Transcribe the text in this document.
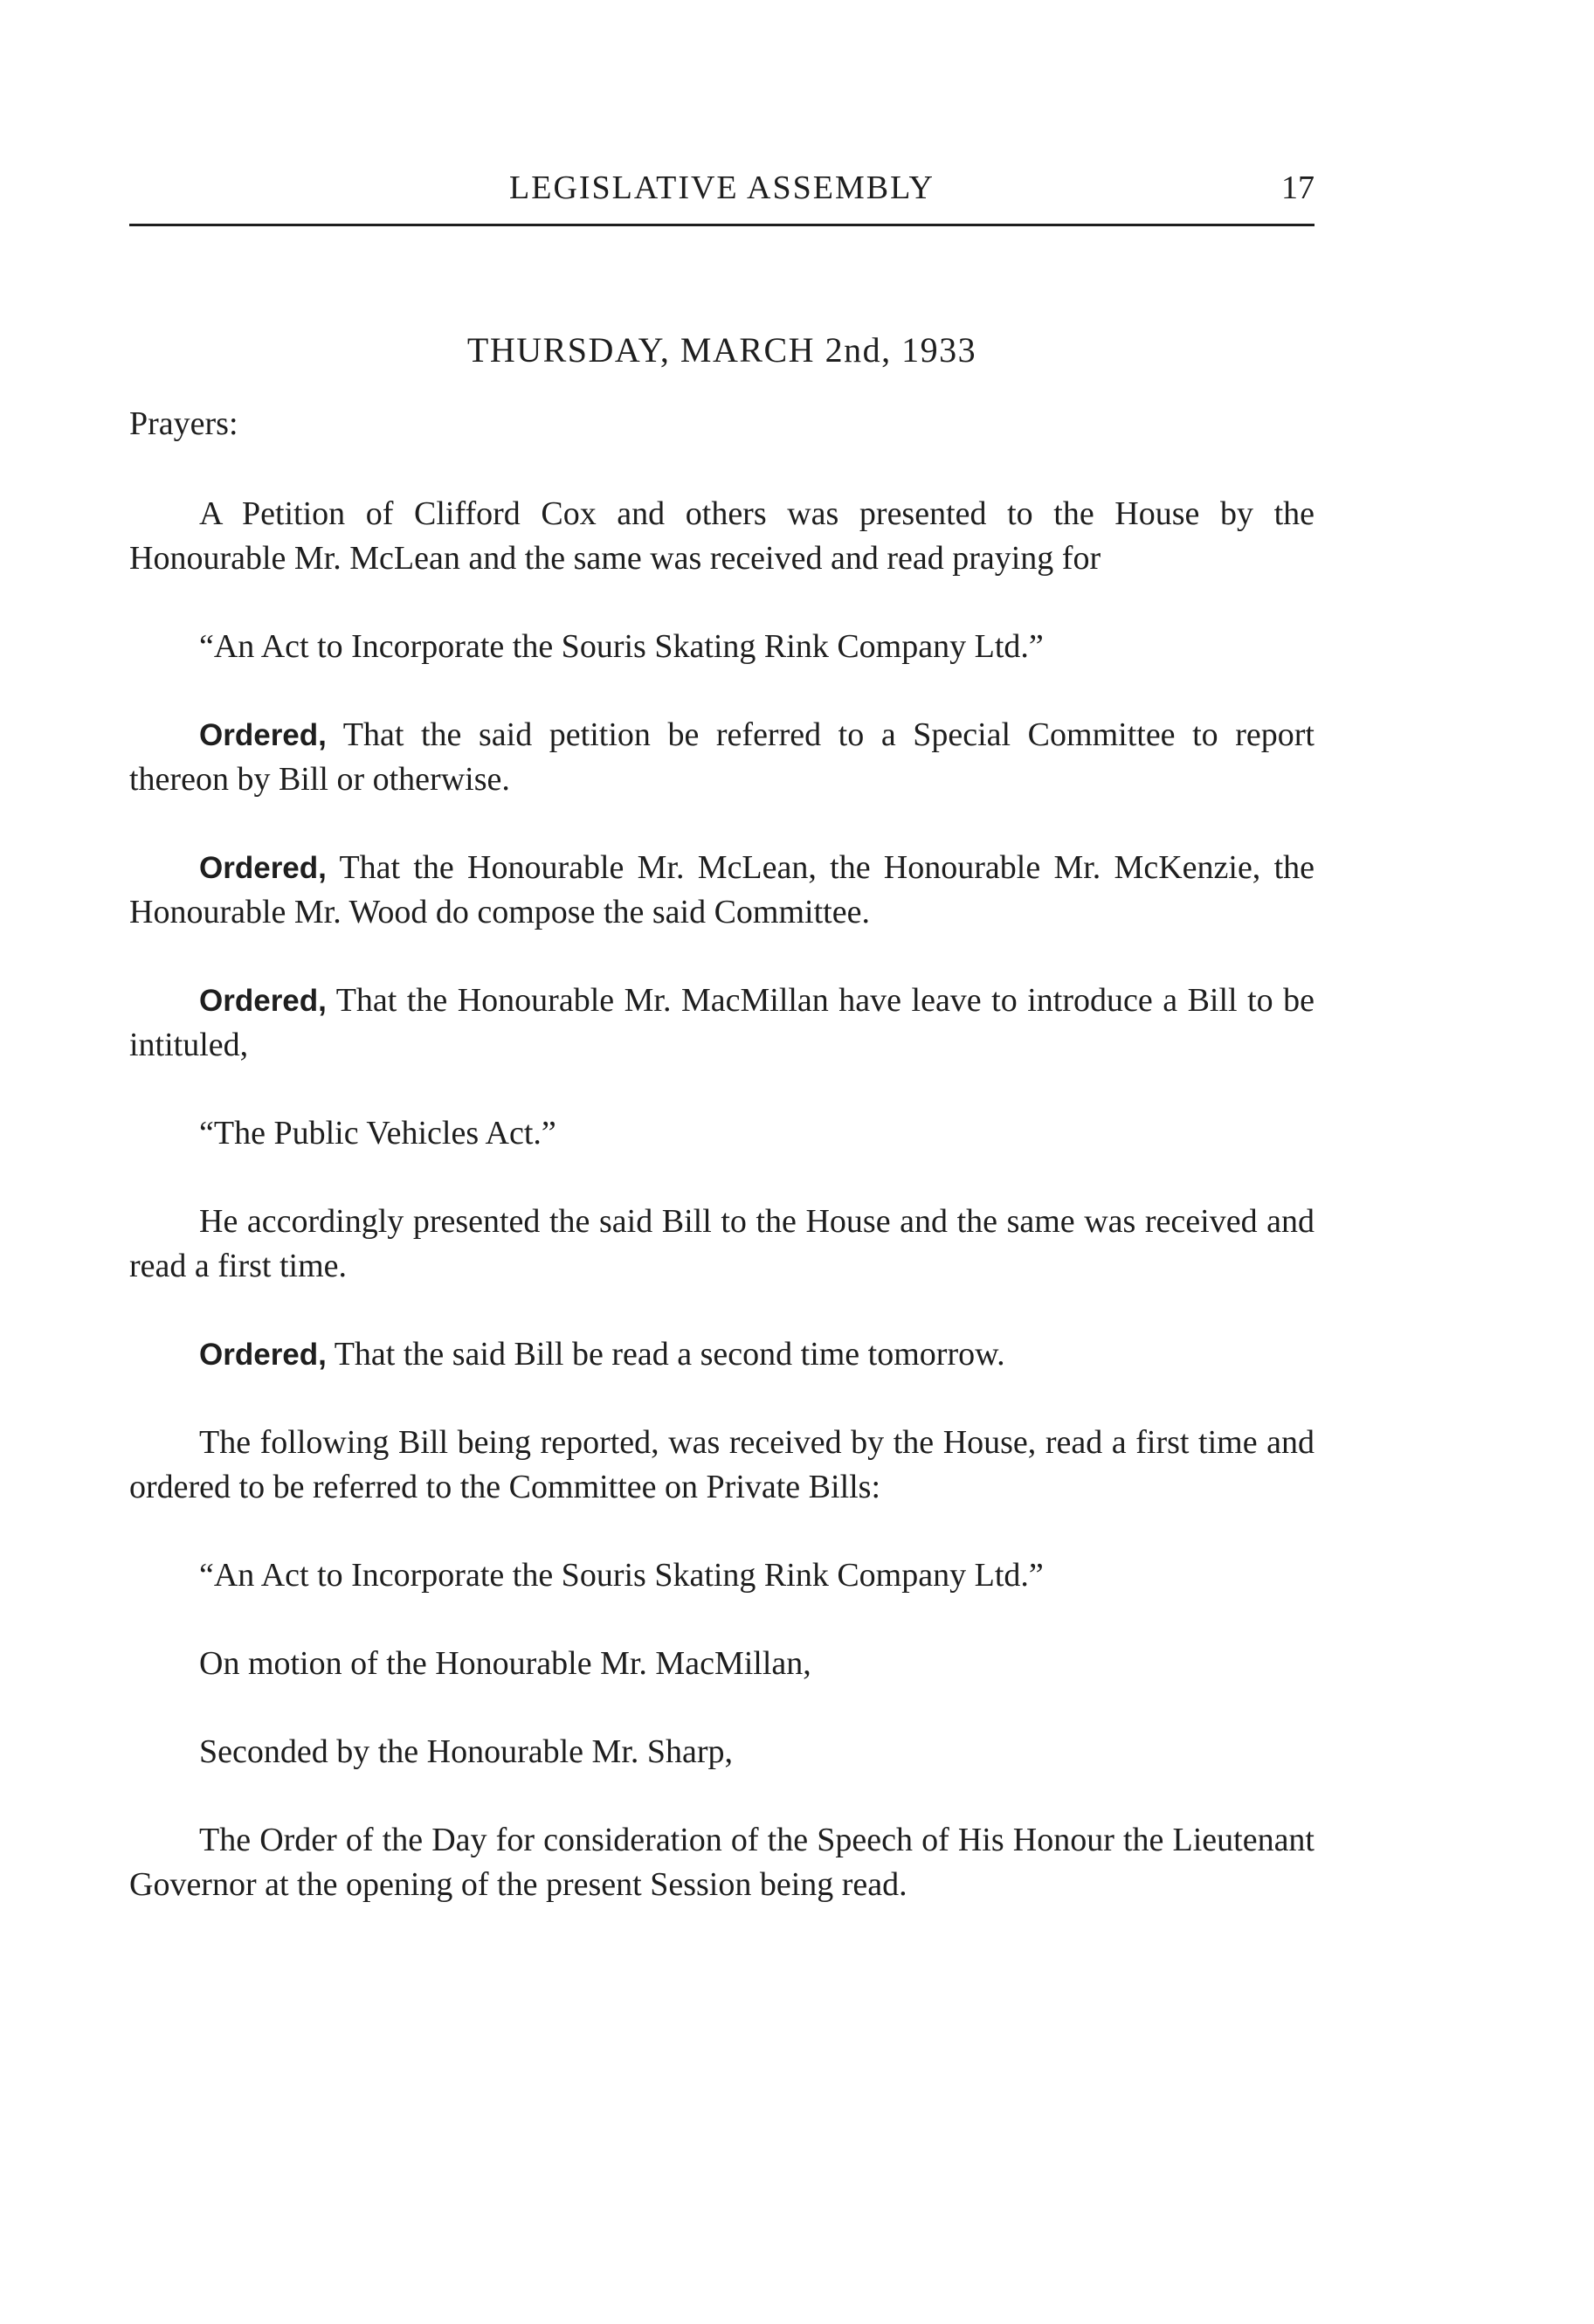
LEGISLATIVE ASSEMBLY	17
THURSDAY, MARCH 2nd, 1933

Prayers:

A Petition of Clifford Cox and others was presented to the House by the Honourable Mr. McLean and the same was received and read praying for

“An Act to Incorporate the Souris Skating Rink Company Ltd.”

Ordered, That the said petition be referred to a Special Committee to report thereon by Bill or otherwise.

Ordered, That the Honourable Mr. McLean, the Honourable Mr. McKenzie, the Honourable Mr. Wood do compose the said Committee.

Ordered, That the Honourable Mr. MacMillan have leave to introduce a Bill to be intituled,

“The Public Vehicles Act.”

He accordingly presented the said Bill to the House and the same was received and read a first time.

Ordered, That the said Bill be read a second time tomorrow.

The following Bill being reported, was received by the House, read a first time and ordered to be referred to the Committee on Private Bills:

“An Act to Incorporate the Souris Skating Rink Company Ltd.”

On motion of the Honourable Mr. MacMillan,

Seconded by the Honourable Mr. Sharp,

The Order of the Day for consideration of the Speech of His Honour the Lieutenant Governor at the opening of the present Session being read.
